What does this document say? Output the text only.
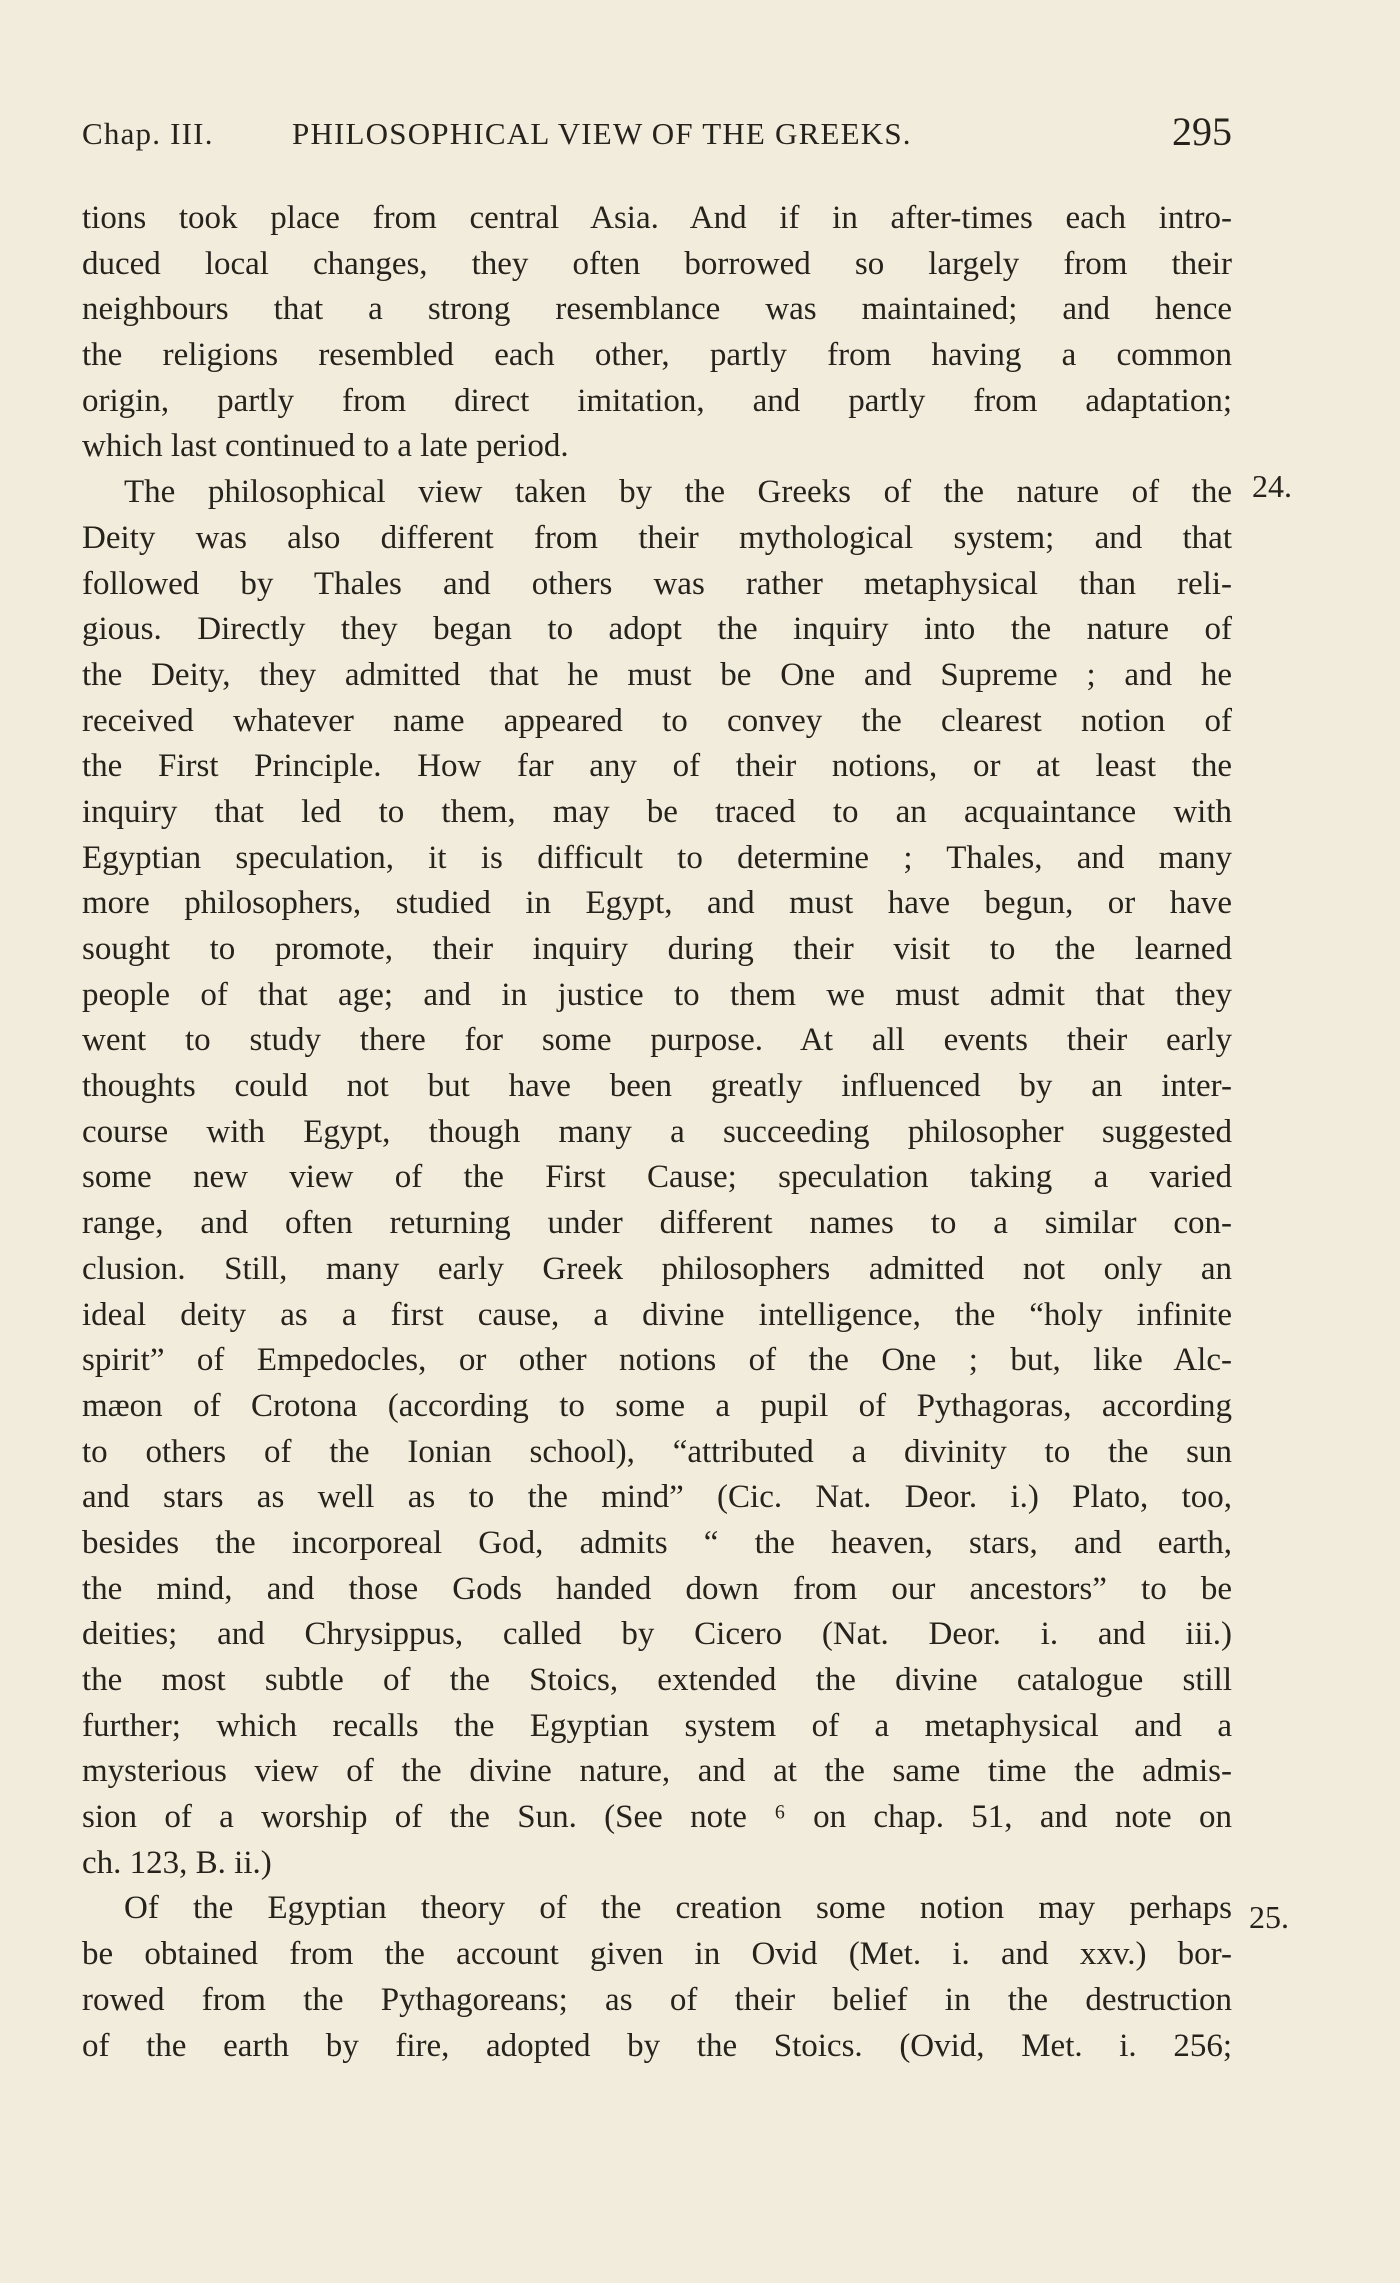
Chap. III.	PHILOSOPHICAL VIEW OF THE GREEKS.	295
24.
25.
tions took place from central Asia. And if in after-times each intro-
duced local changes, they often borrowed so largely from their
neighbours that a strong resemblance was maintained; and hence
the religions resembled each other, partly from having a common
origin, partly from direct imitation, and partly from adaptation;
which last continued to a late period.
The philosophical view taken by the Greeks of the nature of the
Deity was also different from their mythological system; and that
followed by Thales and others was rather metaphysical than reli-
gious. Directly they began to adopt the inquiry into the nature of
the Deity, they admitted that he must be One and Supreme ; and he
received whatever name appeared to convey the clearest notion of
the First Principle. How far any of their notions, or at least the
inquiry that led to them, may be traced to an acquaintance with
Egyptian speculation, it is difficult to determine ; Thales, and many
more philosophers, studied in Egypt, and must have begun, or have
sought to promote, their inquiry during their visit to the learned
people of that age; and in justice to them we must admit that they
went to study there for some purpose. At all events their early
thoughts could not but have been greatly influenced by an inter-
course with Egypt, though many a succeeding philosopher suggested
some new view of the First Cause; speculation taking a varied
range, and often returning under different names to a similar con-
clusion. Still, many early Greek philosophers admitted not only an
ideal deity as a first cause, a divine intelligence, the “holy infinite
spirit” of Empedocles, or other notions of the One ; but, like Alc-
mæon of Crotona (according to some a pupil of Pythagoras, according
to others of the Ionian school), “attributed a divinity to the sun
and stars as well as to the mind” (Cic. Nat. Deor. i.) Plato, too,
besides the incorporeal God, admits “ the heaven, stars, and earth,
the mind, and those Gods handed down from our ancestors” to be
deities; and Chrysippus, called by Cicero (Nat. Deor. i. and iii.)
the most subtle of the Stoics, extended the divine catalogue still
further; which recalls the Egyptian system of a metaphysical and a
mysterious view of the divine nature, and at the same time the admis-
sion of a worship of the Sun. (See note ⁶ on chap. 51, and note on
ch. 123, B. ii.)
Of the Egyptian theory of the creation some notion may perhaps
be obtained from the account given in Ovid (Met. i. and xxv.) bor-
rowed from the Pythagoreans; as of their belief in the destruction
of the earth by fire, adopted by the Stoics. (Ovid, Met. i. 256;
